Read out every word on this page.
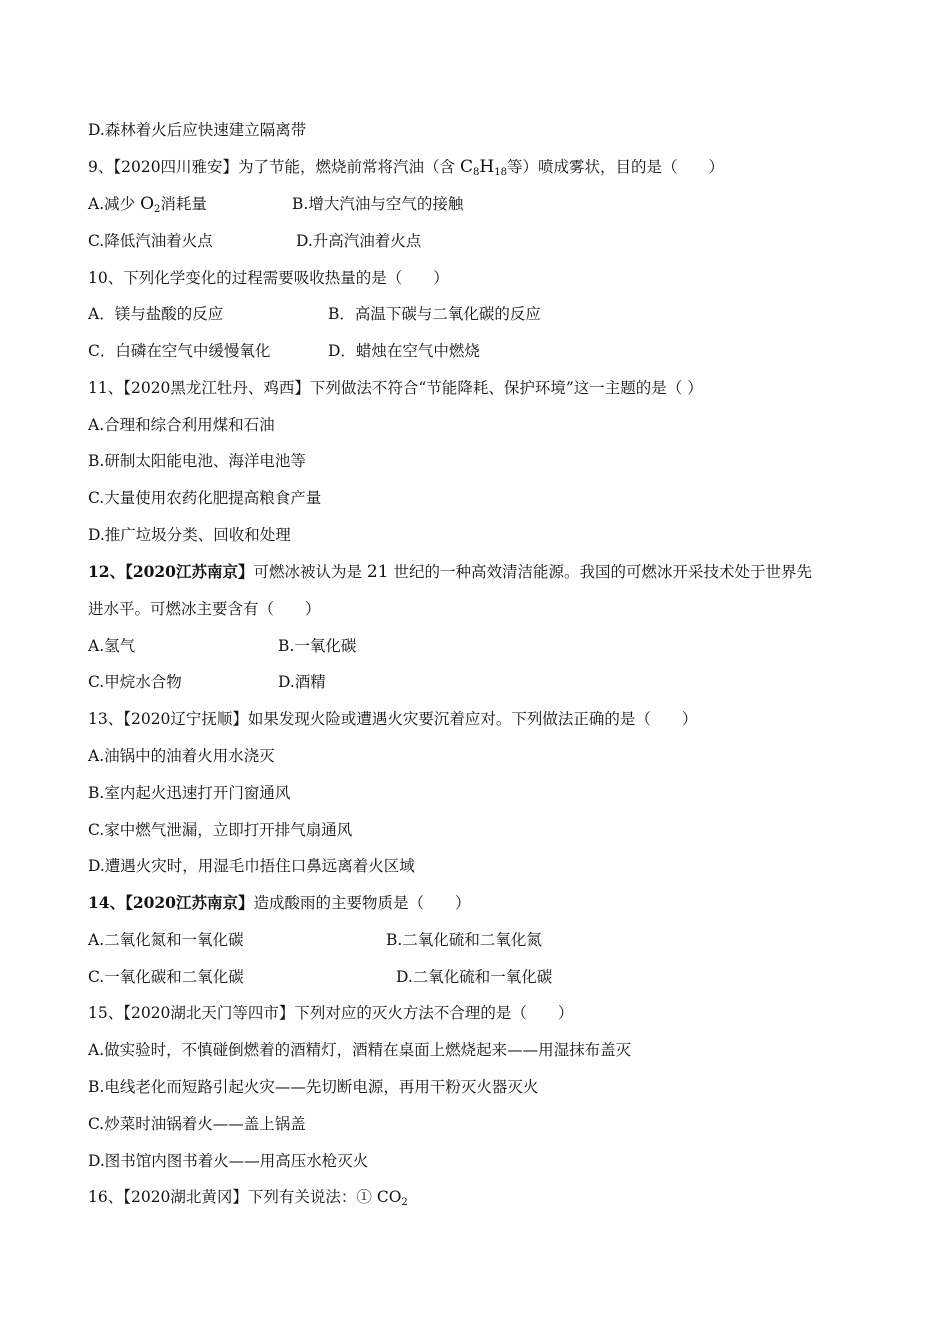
D.森林着火后应快速建立隔离带
9、【2020四川雅安】为了节能，燃烧前常将汽油（含 $C_8H_{18}$等）喷成雾状，目的是（　　）
A.减少 $O_2$消耗量	B.增大汽油与空气的接触
C.降低汽油着火点	D.升高汽油着火点
10、下列化学变化的过程需要吸收热量的是（　　）
A．镁与盐酸的反应	B．高温下碳与二氧化碳的反应
C．白磷在空气中缓慢氧化	D．蜡烛在空气中燃烧
11、【2020黑龙江牡丹、鸡西】下列做法不符合“节能降耗、保护环境”这一主题的是（ ）
A.合理和综合利用煤和石油
B.研制太阳能电池、海洋电池等
C.大量使用农药化肥提高粮食产量
D.推广垃圾分类、回收和处理
12、【2020江苏南京】可燃冰被认为是 21 世纪的一种高效清洁能源。我国的可燃冰开采技术处于世界先
进水平。可燃冰主要含有（　　）
A.氢气	B.一氧化碳
C.甲烷水合物	D.酒精
13、【2020辽宁抚顺】如果发现火险或遭遇火灾要沉着应对。下列做法正确的是（　　）
A.油锅中的油着火用水浇灭
B.室内起火迅速打开门窗通风
C.家中燃气泄漏，立即打开排气扇通风
D.遭遇火灾时，用湿毛巾捂住口鼻远离着火区域
14、【2020江苏南京】造成酸雨的主要物质是（　　）
A.二氧化氮和一氧化碳	B.二氧化硫和二氧化氮
C.一氧化碳和二氧化碳	D.二氧化硫和一氧化碳
15、【2020湖北天门等四市】下列对应的灭火方法不合理的是（　　）
A.做实验时，不慎碰倒燃着的酒精灯，酒精在桌面上燃烧起来——用湿抹布盖灭
B.电线老化而短路引起火灾——先切断电源，再用干粉灭火器灭火
C.炒菜时油锅着火——盖上锅盖
D.图书馆内图书着火——用高压水枪灭火
16、【2020湖北黄冈】下列有关说法：① $CO_2$
